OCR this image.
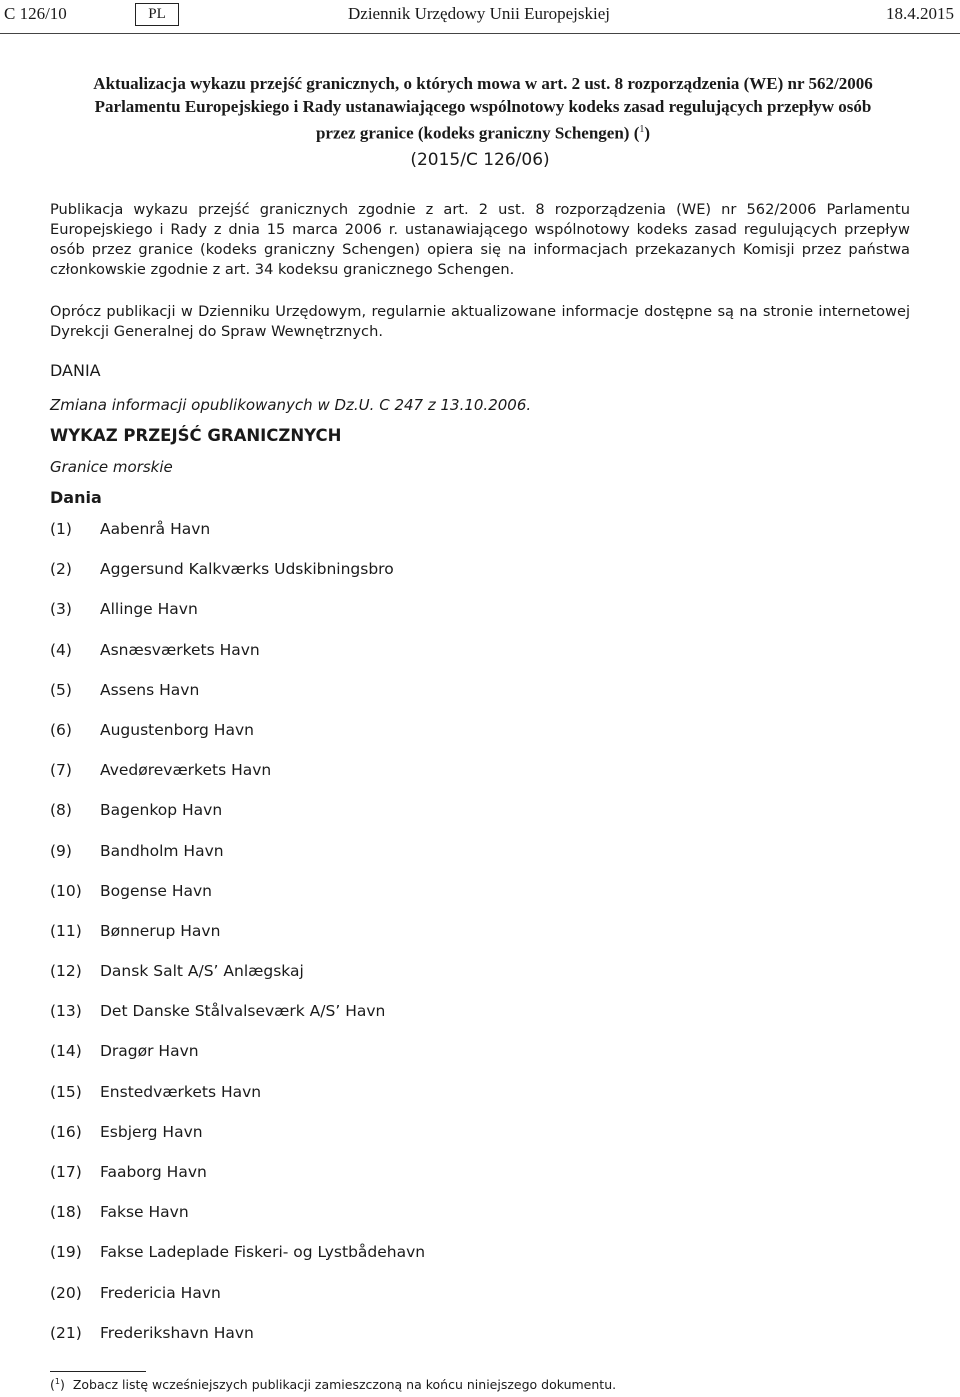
C 126/10	PL	Dziennik Urzędowy Unii Europejskiej	18.4.2015
Aktualizacja wykazu przejść granicznych, o których mowa w art. 2 ust. 8 rozporządzenia (WE) nr 562/2006 Parlamentu Europejskiego i Rady ustanawiającego wspólnotowy kodeks zasad regulujących przepływ osób przez granice (kodeks graniczny Schengen) ($^1$)
(2015/C 126/06)
Publikacja wykazu przejść granicznych zgodnie z art. 2 ust. 8 rozporządzenia (WE) nr 562/2006 Parlamentu Europejskiego i Rady z dnia 15 marca 2006 r. ustanawiającego wspólnotowy kodeks zasad regulujących przepływ osób przez granice (kodeks graniczny Schengen) opiera się na informacjach przekazanych Komisji przez państwa członkowskie zgodnie z art. 34 kodeksu granicznego Schengen.
Oprócz publikacji w Dzienniku Urzędowym, regularnie aktualizowane informacje dostępne są na stronie internetowej Dyrekcji Generalnej do Spraw Wewnętrznych.
DANIA
Zmiana informacji opublikowanych w Dz.U. C 247 z 13.10.2006.
WYKAZ PRZEJŚĆ GRANICZNYCH
Granice morskie
Dania
(1)	Aabenrå Havn
(2)	Aggersund Kalkværks Udskibningsbro
(3)	Allinge Havn
(4)	Asnæsværkets Havn
(5)	Assens Havn
(6)	Augustenborg Havn
(7)	Avedøreværkets Havn
(8)	Bagenkop Havn
(9)	Bandholm Havn
(10)	Bogense Havn
(11)	Bønnerup Havn
(12)	Dansk Salt A/S’ Anlægskaj
(13)	Det Danske Stålvalseværk A/S’ Havn
(14)	Dragør Havn
(15)	Enstedværkets Havn
(16)	Esbjerg Havn
(17)	Faaborg Havn
(18)	Fakse Havn
(19)	Fakse Ladeplade Fiskeri- og Lystbådehavn
(20)	Fredericia Havn
(21)	Frederikshavn Havn
($^1$)  Zobacz listę wcześniejszych publikacji zamieszczoną na końcu niniejszego dokumentu.
